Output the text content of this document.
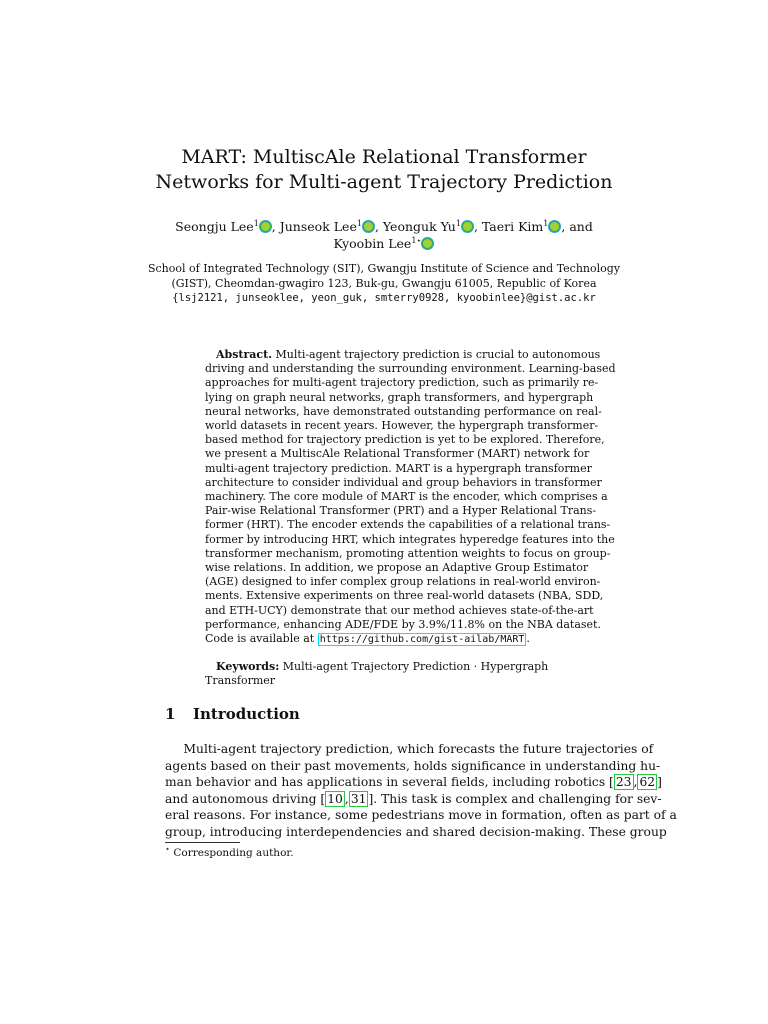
MART: MultiscAle Relational Transformer
Networks for Multi-agent Trajectory Prediction
Seongju Lee$^1$ , Junseok Lee$^1$ , Yeonguk Yu$^1$ , Taeri Kim$^1$ , and
Kyoobin Lee$^{1⋆}$
School of Integrated Technology (SIT), Gwangju Institute of Science and Technology
(GIST), Cheomdan-gwagiro 123, Buk-gu, Gwangju 61005, Republic of Korea
{lsj2121, junseoklee, yeon_guk, smterry0928, kyoobinlee}@gist.ac.kr
 Abstract. Multi-agent trajectory prediction is crucial to autonomous
driving and understanding the surrounding environment. Learning-based
approaches for multi-agent trajectory prediction, such as primarily re-
lying on graph neural networks, graph transformers, and hypergraph
neural networks, have demonstrated outstanding performance on real-
world datasets in recent years. However, the hypergraph transformer-
based method for trajectory prediction is yet to be explored. Therefore,
we present a MultiscAle Relational Transformer (MART) network for
multi-agent trajectory prediction. MART is a hypergraph transformer
architecture to consider individual and group behaviors in transformer
machinery. The core module of MART is the encoder, which comprises a
Pair-wise Relational Transformer (PRT) and a Hyper Relational Trans-
former (HRT). The encoder extends the capabilities of a relational trans-
former by introducing HRT, which integrates hyperedge features into the
transformer mechanism, promoting attention weights to focus on group-
wise relations. In addition, we propose an Adaptive Group Estimator
(AGE) designed to infer complex group relations in real-world environ-
ments. Extensive experiments on three real-world datasets (NBA, SDD,
and ETH-UCY) demonstrate that our method achieves state-of-the-art
performance, enhancing ADE/FDE by 3.9%/11.8% on the NBA dataset.
Code is available at https://github.com/gist-ailab/MART .
 Keywords: Multi-agent Trajectory Prediction · Hypergraph Transformer
1 Introduction
  Multi-agent trajectory prediction, which forecasts the future trajectories of
agents based on their past movements, holds significance in understanding hu-
man behavior and has applications in several fields, including robotics [ 23 , 62 ]
and autonomous driving [ 10 , 31 ]. This task is complex and challenging for sev-
eral reasons. For instance, some pedestrians move in formation, often as part of a
group, introducing interdependencies and shared decision-making. These group
⋆ Corresponding author.
